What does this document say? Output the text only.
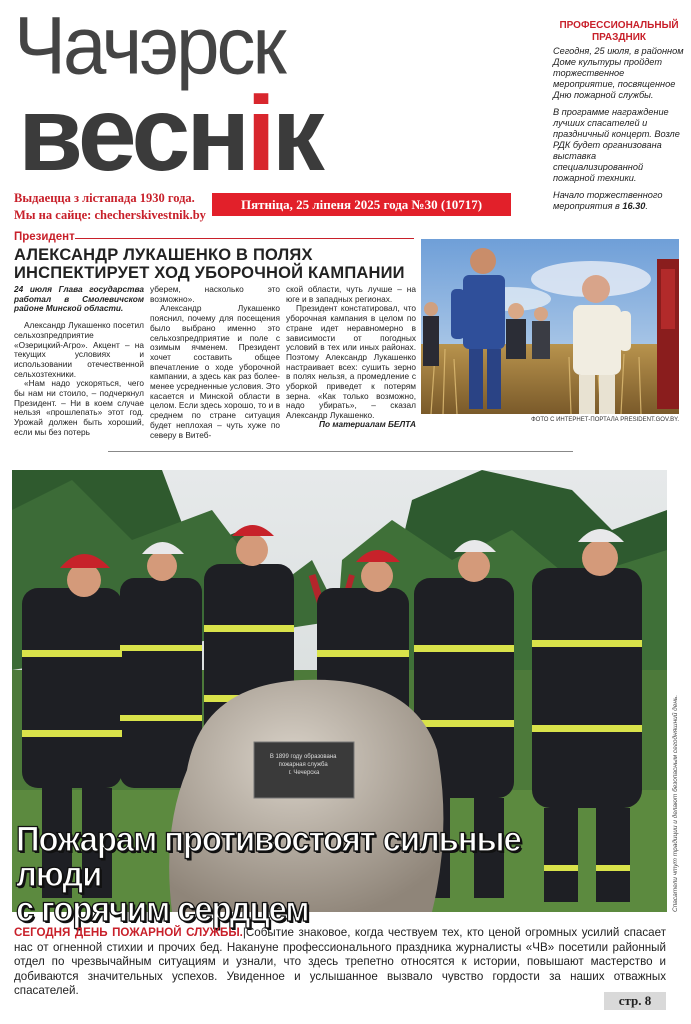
Чачэрск
веснік
Выдаецца з лістапада 1930 года.
Мы на сайце: checherskіvestnіk.by
Пятніца, 25 ліпеня 2025 года №30 (10717)
ПРОФЕССИОНАЛЬНЫЙ ПРАЗДНИК

Сегодня, 25 июля, в районном Доме культуры пройдет торжественное мероприятие, посвященное Дню пожарной службы.

В программе награждение лучших спасателей и праздничный концерт. Возле РДК будет организована выставка специализированной пожарной техники.

Начало торжественного мероприятия в 16.30.

Президент
АЛЕКСАНДР ЛУКАШЕНКО В ПОЛЯХ ИНСПЕКТИРУЕТ ХОД УБОРОЧНОЙ КАМПАНИИ

24 июля Глава государства работал в Смолевичском районе Минской области.

Александр Лукашенко посетил сельхозпредприятие «Озерицкий-Агро». Акцент – на текущих условиях и использовании отечественной сельхозтехники.

«Нам надо ускоряться, чего бы нам ни стоило, – подчеркнул Президент. – Ни в коем случае нельзя «прошлепать» этот год. Урожай должен быть хороший, если мы без потерь

уберем, насколько это возможно».

Александр Лукашенко пояснил, почему для посещения было выбрано именно это сельхозпредприятие и поле с озимым ячменем. Президент хочет составить общее впечатление о ходе уборочной кампании, а здесь как раз более-менее усредненные условия. Это касается и Минской области в целом. Если здесь хорошо, то и в среднем по стране ситуация будет неплохая – чуть хуже по северу в Витеб-

ской области, чуть лучше – на юге и в западных регионах.

Президент констатировал, что уборочная кампания в целом по стране идет неравномерно в зависимости от погодных условий в тех или иных районах. Поэтому Александр Лукашенко настраивает всех: сушить зерно в полях нельзя, а промедление с уборкой приведет к потерям зерна. «Как только возможно, надо убирать», – сказал Александр Лукашенко.

По материалам БЕЛТА	ФОТО С ИНТЕРНЕТ-ПОРТАЛА PRESIDENT.GOV.BY.
В 1899 году образована пожарная служба г. Чечерска
Пожарам противостоят сильные люди
с горячим сердцем	Спасатели чтут традиции и делают безопасным сегодняшний день.
СЕГОДНЯ ДЕНЬ ПОЖАРНОЙ СЛУЖБЫ.|Событие знаковое, когда чествуем тех, кто ценой огромных усилий спасает нас от огненной стихии и прочих бед. Накануне профессионального праздника журналисты «ЧВ» посетили районный отдел по чрезвычайным ситуациям и узнали, что здесь трепетно относятся к истории, повышают мастерство и добиваются значительных успехов. Увиденное и услышанное вызвало чувство гордости за наших отважных спасателей.
стр. 8
